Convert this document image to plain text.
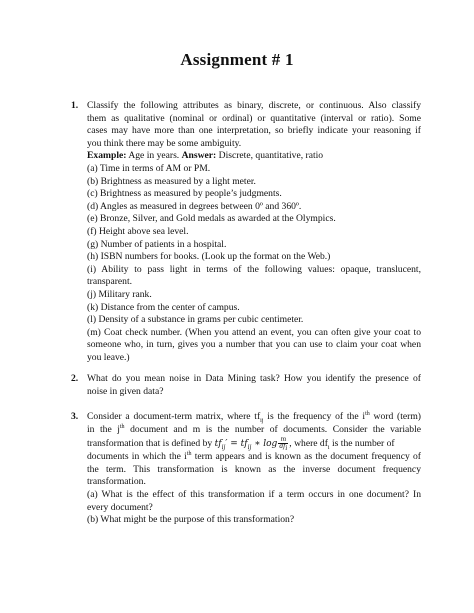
Assignment # 1
1. Classify the following attributes as binary, discrete, or continuous. Also classify
them as qualitative (nominal or ordinal) or quantitative (interval or ratio). Some
cases may have more than one interpretation, so briefly indicate your reasoning if
you think there may be some ambiguity.
Example: Age in years. Answer: Discrete, quantitative, ratio
(a) Time in terms of AM or PM.
(b) Brightness as measured by a light meter.
(c) Brightness as measured by people’s judgments.
(d) Angles as measured in degrees between 0º and 360º.
(e) Bronze, Silver, and Gold medals as awarded at the Olympics.
(f) Height above sea level.
(g) Number of patients in a hospital.
(h) ISBN numbers for books. (Look up the format on the Web.)
(i) Ability to pass light in terms of the following values: opaque, translucent,
transparent.
(j) Military rank.
(k) Distance from the center of campus.
(l) Density of a substance in grams per cubic centimeter.
(m) Coat check number. (When you attend an event, you can often give your coat to
someone who, in turn, gives you a number that you can use to claim your coat when
you leave.)
2. What do you mean noise in Data Mining task? How you identify the presence of
noise in given data?
3. Consider a document-term matrix, where $tf_{ij}$ is the frequency of the $i^{th}$ word (term)
in the $j^{th}$ document and m is the number of documents. Consider the variable
transformation that is defined by $tf_{ij}' = tf_{ij}$ ∗ $\log \frac{m}{df_i}$ , where $df_i$ is the number of
documents in which the $i^{th}$ term appears and is known as the document frequency of
the term. This transformation is known as the inverse document frequency
transformation.
(a) What is the effect of this transformation if a term occurs in one document? In
every document?
(b) What might be the purpose of this transformation?
